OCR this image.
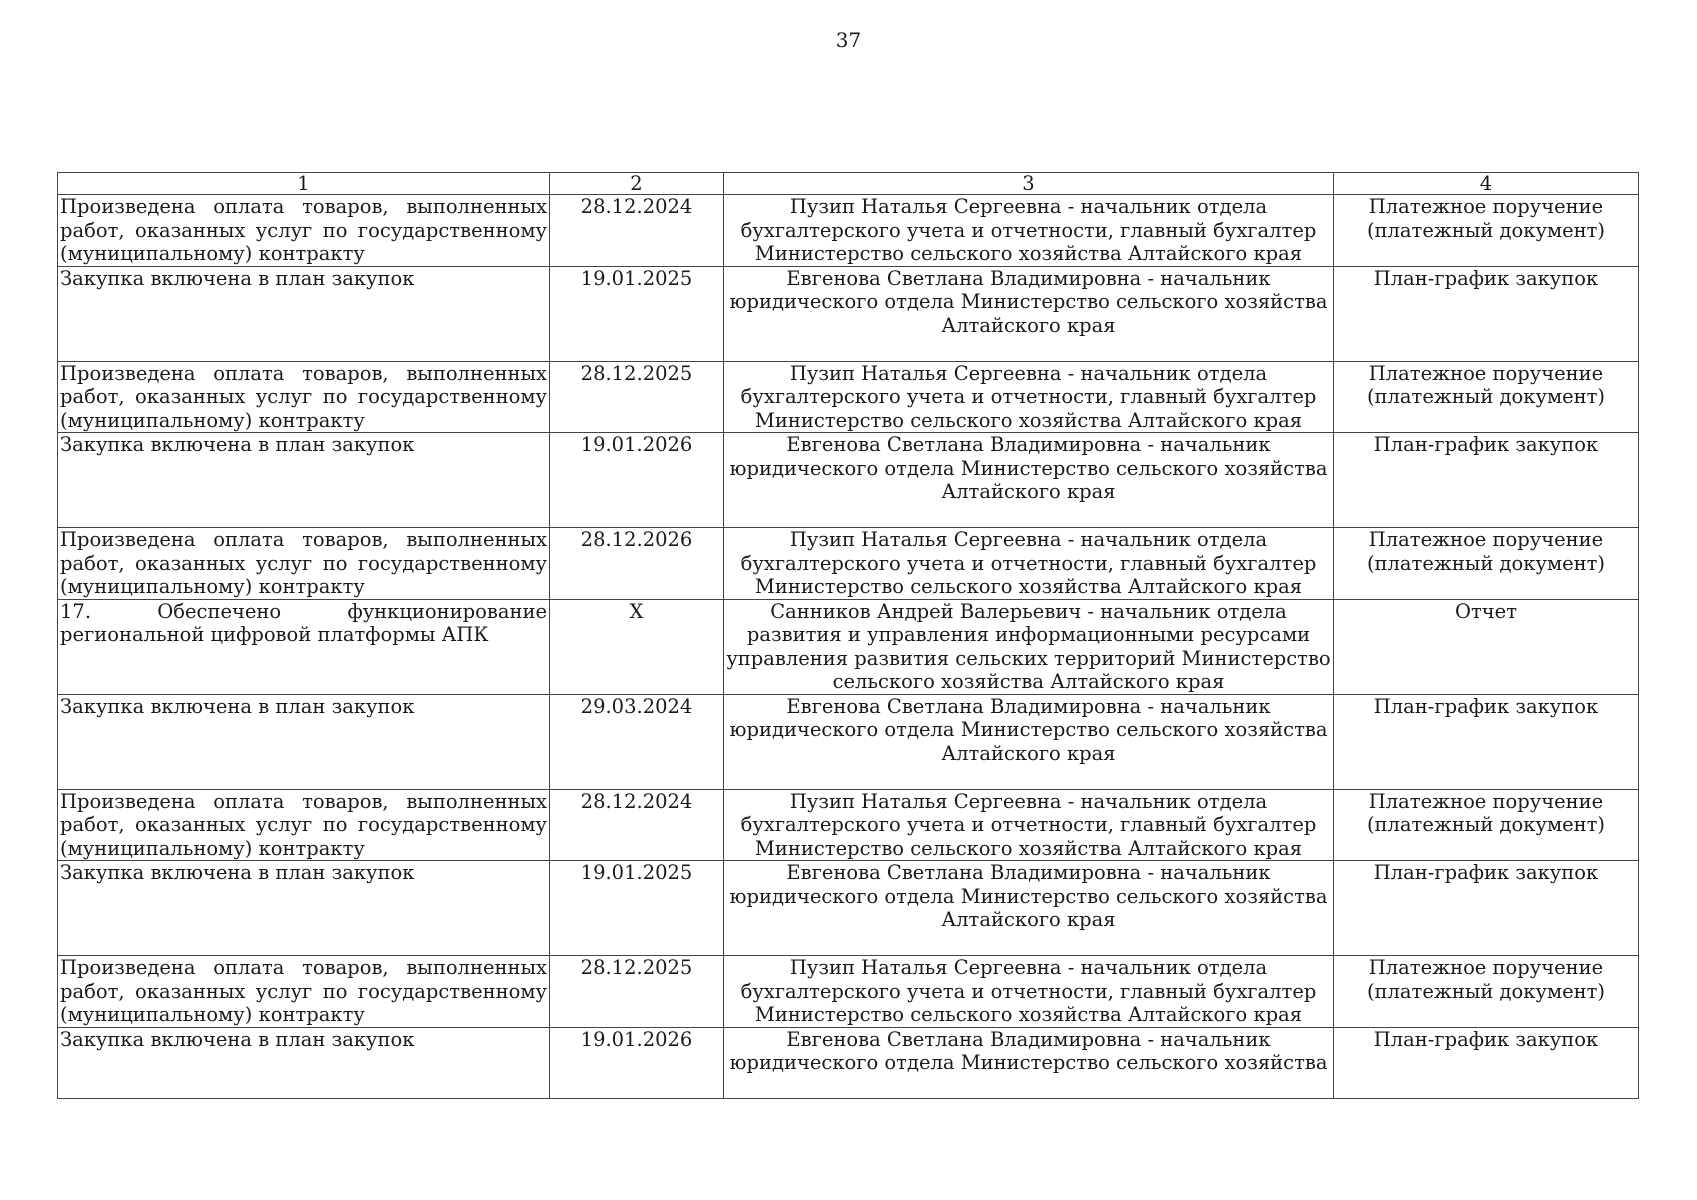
37
1	2	3	4
Произведена оплата товаров, выполненных работ, оказанных услуг по государственному (муниципальному) контракту	28.12.2024	Пузип Наталья Сергеевна - начальник отдела бухгалтерского учета и отчетности, главный бухгалтер Министерство сельского хозяйства Алтайского края	Платежное поручение (платежный документ)
Закупка включена в план закупок	19.01.2025	Евгенова Светлана Владимировна - начальник юридического отдела Министерство сельского хозяйства Алтайского края	План-график закупок
Произведена оплата товаров, выполненных работ, оказанных услуг по государственному (муниципальному) контракту	28.12.2025	Пузип Наталья Сергеевна - начальник отдела бухгалтерского учета и отчетности, главный бухгалтер Министерство сельского хозяйства Алтайского края	Платежное поручение (платежный документ)
Закупка включена в план закупок	19.01.2026	Евгенова Светлана Владимировна - начальник юридического отдела Министерство сельского хозяйства Алтайского края	План-график закупок
Произведена оплата товаров, выполненных работ, оказанных услуг по государственному (муниципальному) контракту	28.12.2026	Пузип Наталья Сергеевна - начальник отдела бухгалтерского учета и отчетности, главный бухгалтер Министерство сельского хозяйства Алтайского края	Платежное поручение (платежный документ)
17. Обеспечено функционирование региональной цифровой платформы АПК	X	Санников Андрей Валерьевич - начальник отдела развития и управления информационными ресурсами управления развития сельских территорий Министерство сельского хозяйства Алтайского края	Отчет
Закупка включена в план закупок	29.03.2024	Евгенова Светлана Владимировна - начальник юридического отдела Министерство сельского хозяйства Алтайского края	План-график закупок
Произведена оплата товаров, выполненных работ, оказанных услуг по государственному (муниципальному) контракту	28.12.2024	Пузип Наталья Сергеевна - начальник отдела бухгалтерского учета и отчетности, главный бухгалтер Министерство сельского хозяйства Алтайского края	Платежное поручение (платежный документ)
Закупка включена в план закупок	19.01.2025	Евгенова Светлана Владимировна - начальник юридического отдела Министерство сельского хозяйства Алтайского края	План-график закупок
Произведена оплата товаров, выполненных работ, оказанных услуг по государственному (муниципальному) контракту	28.12.2025	Пузип Наталья Сергеевна - начальник отдела бухгалтерского учета и отчетности, главный бухгалтер Министерство сельского хозяйства Алтайского края	Платежное поручение (платежный документ)
Закупка включена в план закупок	19.01.2026	Евгенова Светлана Владимировна - начальник юридического отдела Министерство сельского хозяйства	План-график закупок
